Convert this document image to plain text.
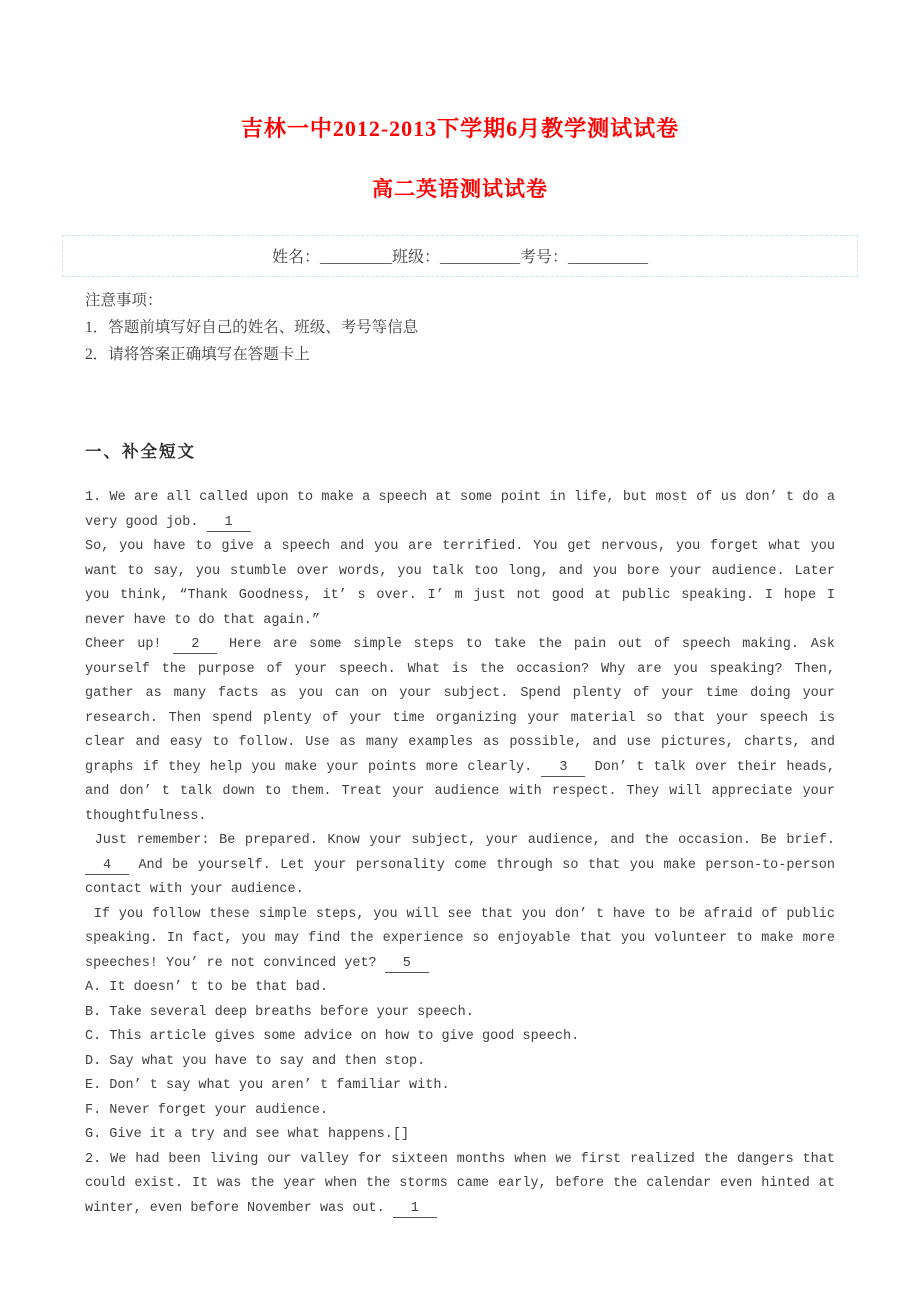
吉林一中2012-2013下学期6月教学测试试卷
高二英语测试试卷
姓名：_________班级：__________考号：__________
注意事项：
1．答题前填写好自己的姓名、班级、考号等信息
2．请将答案正确填写在答题卡上
一、补全短文

1. We are all called upon to make a speech at some point in life, but most of us don’ t do a very good job. 1

So, you have to give a speech and you are terrified. You get nervous, you forget what you want to say, you stumble over words, you talk too long, and you bore your audience. Later you think, “Thank Goodness, it’ s over. I’ m just not good at public speaking. I hope I never have to do that again.”

Cheer up! 2 Here are some simple steps to take the pain out of speech making. Ask yourself the purpose of your speech. What is the occasion? Why are you speaking? Then, gather as many facts as you can on your subject. Spend plenty of your time doing your research. Then spend plenty of your time organizing your material so that your speech is clear and easy to follow. Use as many examples as possible, and use pictures, charts, and graphs if they help you make your points more clearly. 3 Don’ t talk over their heads, and don’ t talk down to them. Treat your audience with respect. They will appreciate your thoughtfulness.

Just remember: Be prepared. Know your subject, your audience, and the occasion. Be brief. 4 And be yourself. Let your personality come through so that you make person-to-person contact with your audience.

If you follow these simple steps, you will see that you don’ t have to be afraid of public speaking. In fact, you may find the experience so enjoyable that you volunteer to make more speeches! You’ re not convinced yet? 5

A. It doesn’ t to be that bad.
B. Take several deep breaths before your speech.
C. This article gives some advice on how to give good speech.
D. Say what you have to say and then stop.
E. Don’ t say what you aren’ t familiar with.
F. Never forget your audience.
G. Give it a try and see what happens.[]

2. We had been living our valley for sixteen months when we first realized the dangers that could exist. It was the year when the storms came early, before the calendar even hinted at winter, even before November was out. 1
